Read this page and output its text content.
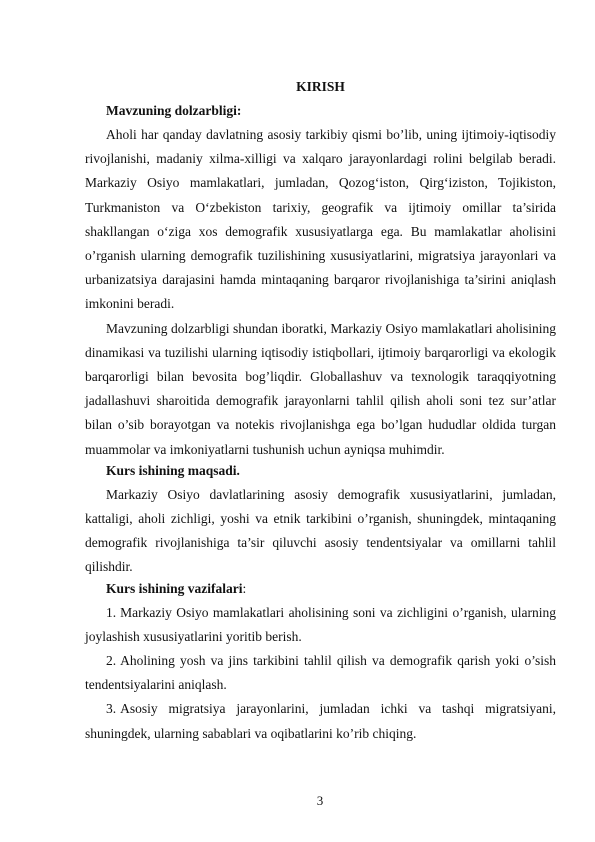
KIRISH
Mavzuning dolzarbligi:

Aholi har qanday davlatning asosiy tarkibiy qismi bo’lib, uning ijtimoiy-iqtisodiy rivojlanishi, madaniy xilma-xilligi va xalqaro jarayonlardagi rolini belgilab beradi. Markaziy Osiyo mamlakatlari, jumladan, Qozog‘iston, Qirg‘iziston, Tojikiston, Turkmaniston va O‘zbekiston tarixiy, geografik va ijtimoiy omillar ta’sirida shakllangan o‘ziga xos demografik xususiyatlarga ega. Bu mamlakatlar aholisini o’rganish ularning demografik tuzilishining xususiyatlarini, migratsiya jarayonlari va urbanizatsiya darajasini hamda mintaqaning barqaror rivojlanishiga ta’sirini aniqlash imkonini beradi.

Mavzuning dolzarbligi shundan iboratki, Markaziy Osiyo mamlakatlari aholisining dinamikasi va tuzilishi ularning iqtisodiy istiqbollari, ijtimoiy barqarorligi va ekologik barqarorligi bilan bevosita bog’liqdir. Globallashuv va texnologik taraqqiyotning jadallashuvi sharoitida demografik jarayonlarni tahlil qilish aholi soni tez sur’atlar bilan o’sib borayotgan va notekis rivojlanishga ega bo’lgan hududlar oldida turgan muammolar va imkoniyatlarni tushunish uchun ayniqsa muhimdir.

Kurs ishining maqsadi.

Markaziy Osiyo davlatlarining asosiy demografik xususiyatlarini, jumladan, kattaligi, aholi zichligi, yoshi va etnik tarkibini o’rganish, shuningdek, mintaqaning demografik rivojlanishiga ta’sir qiluvchi asosiy tendentsiyalar va omillarni tahlil qilishdir.

Kurs ishining vazifalari:

1. Markaziy Osiyo mamlakatlari aholisining soni va zichligini o’rganish, ularning joylashish xususiyatlarini yoritib berish.

2. Aholining yosh va jins tarkibini tahlil qilish va demografik qarish yoki o’sish tendentsiyalarini aniqlash.

3. Asosiy migratsiya jarayonlarini, jumladan ichki va tashqi migratsiyani, shuningdek, ularning sabablari va oqibatlarini ko’rib chiqing.

3
